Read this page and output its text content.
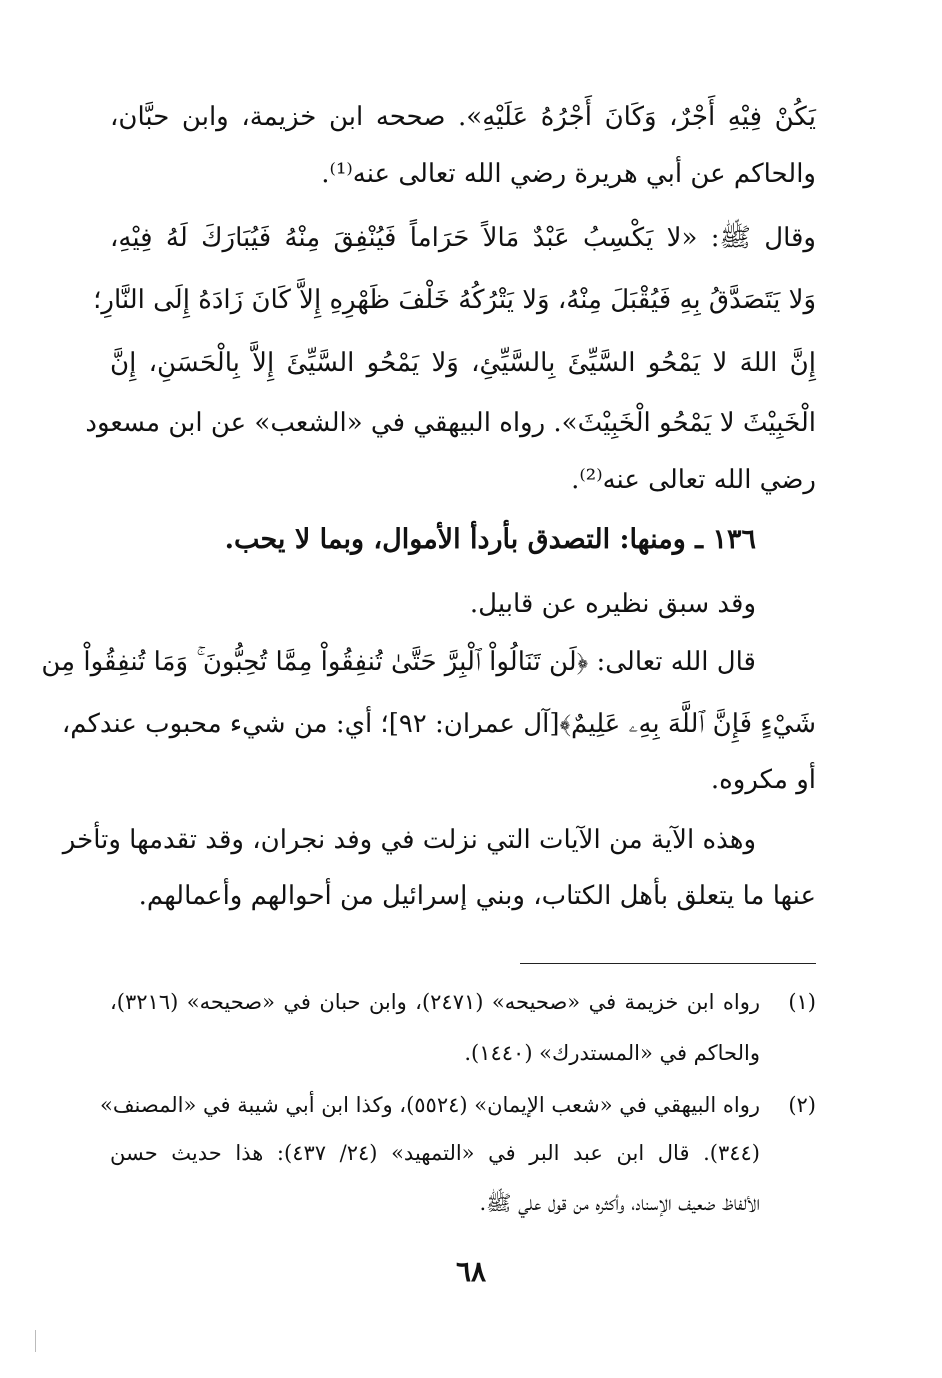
يَكُنْ فِيْهِ أَجْرٌ، وَكَانَ أَجْرُهُ عَلَيْهِ». صححه ابن خزيمة، وابن حبَّان،
والحاكم عن أبي هريرة رضي الله تعالى عنه⁽¹⁾.
وقال ﷺ: «لا يَكْسِبُ عَبْدٌ مَالاً حَرَاماً فَيُنْفِقَ مِنْهُ فَيُبَارَكَ لَهُ فِيْهِ،
وَلا يَتَصَدَّقُ بِهِ فَيُقْبَلَ مِنْهُ، وَلا يَتْرُكُهُ خَلْفَ ظَهْرِهِ إِلاَّ كَانَ زَادَهُ إِلَى النَّارِ؛
إِنَّ اللهَ لا يَمْحُو السَّيِّئَ بِالسَّيِّئِ، وَلا يَمْحُو السَّيِّئَ إِلاَّ بِالْحَسَنِ، إِنَّ
الْخَبِيْثَ لا يَمْحُو الْخَبِيْثَ». رواه البيهقي في «الشعب» عن ابن مسعود
رضي الله تعالى عنه⁽²⁾.
١٣٦ ـ ومنها: التصدق بأردأ الأموال، وبما لا يحب.
وقد سبق نظيره عن قابيل.
قال الله تعالى: ﴿لَن تَنَالُواْ ٱلْبِرَّ حَتَّىٰ تُنفِقُواْ مِمَّا تُحِبُّونَ ۚ وَمَا تُنفِقُواْ مِن
شَيْءٍ فَإِنَّ ٱللَّهَ بِهِۦ عَلِيمٌ﴾[آل عمران: ٩٢]؛ أي: من شيء محبوب عندكم،
أو مكروه.
وهذه الآية من الآيات التي نزلت في وفد نجران، وقد تقدمها وتأخر
عنها ما يتعلق بأهل الكتاب، وبني إسرائيل من أحوالهم وأعمالهم.
(١)
رواه ابن خزيمة في «صحيحه» (٢٤٧١)، وابن حبان في «صحيحه» (٣٢١٦)،
والحاكم في «المستدرك» (١٤٤٠).
(٢)
رواه البيهقي في «شعب الإيمان» (٥٥٢٤)، وكذا ابن أبي شيبة في «المصنف»
(٣٤٤). قال ابن عبد البر في «التمهيد» (٢٤/ ٤٣٧): هذا حديث حسن
الألفاظ ضعيف الإسناد، وأكثره من قول علي ﷺ.
٦٨
